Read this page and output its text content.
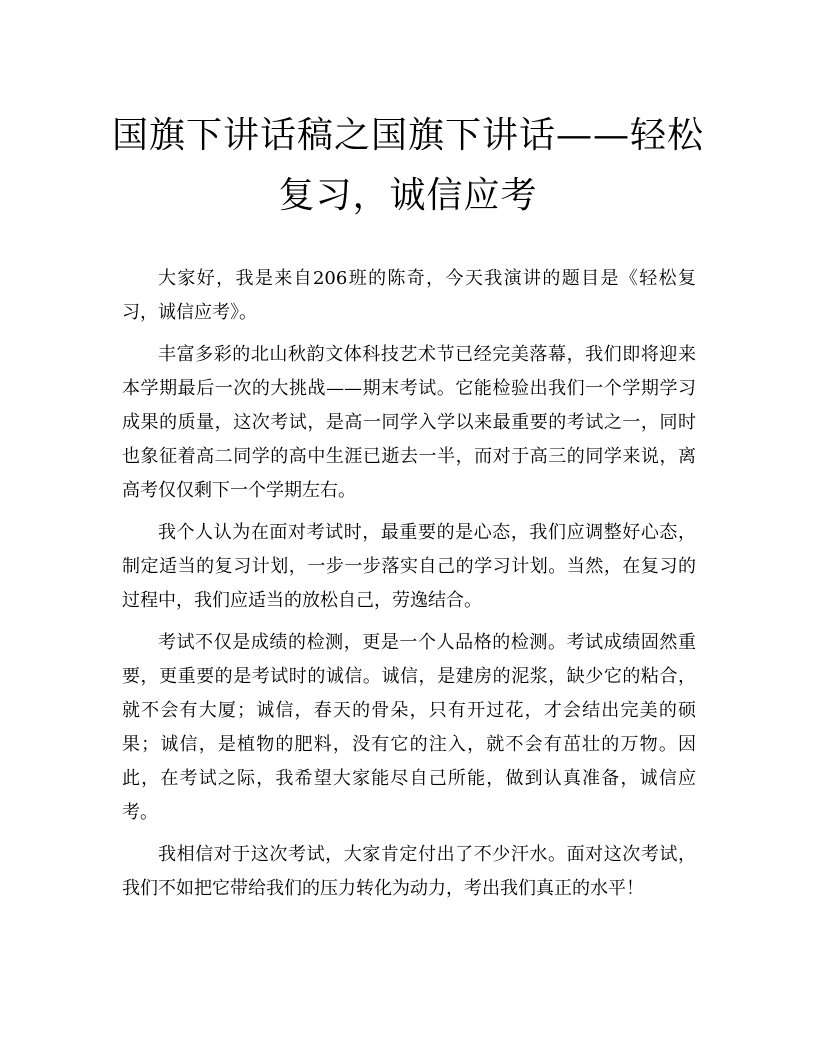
国旗下讲话稿之国旗下讲话——轻松复习，诚信应考

大家好，我是来自206班的陈奇，今天我演讲的题目是《轻松复习，诚信应考》。

丰富多彩的北山秋韵文体科技艺术节已经完美落幕，我们即将迎来本学期最后一次的大挑战——期末考试。它能检验出我们一个学期学习成果的质量，这次考试，是高一同学入学以来最重要的考试之一，同时也象征着高二同学的高中生涯已逝去一半，而对于高三的同学来说，离高考仅仅剩下一个学期左右。

我个人认为在面对考试时，最重要的是心态，我们应调整好心态，制定适当的复习计划，一步一步落实自己的学习计划。当然，在复习的过程中，我们应适当的放松自己，劳逸结合。

考试不仅是成绩的检测，更是一个人品格的检测。考试成绩固然重要，更重要的是考试时的诚信。诚信，是建房的泥浆，缺少它的粘合，就不会有大厦；诚信，春天的骨朵，只有开过花，才会结出完美的硕果；诚信，是植物的肥料，没有它的注入，就不会有茁壮的万物。因此，在考试之际，我希望大家能尽自己所能，做到认真准备，诚信应考。

我相信对于这次考试，大家肯定付出了不少汗水。面对这次考试，我们不如把它带给我们的压力转化为动力，考出我们真正的水平！
